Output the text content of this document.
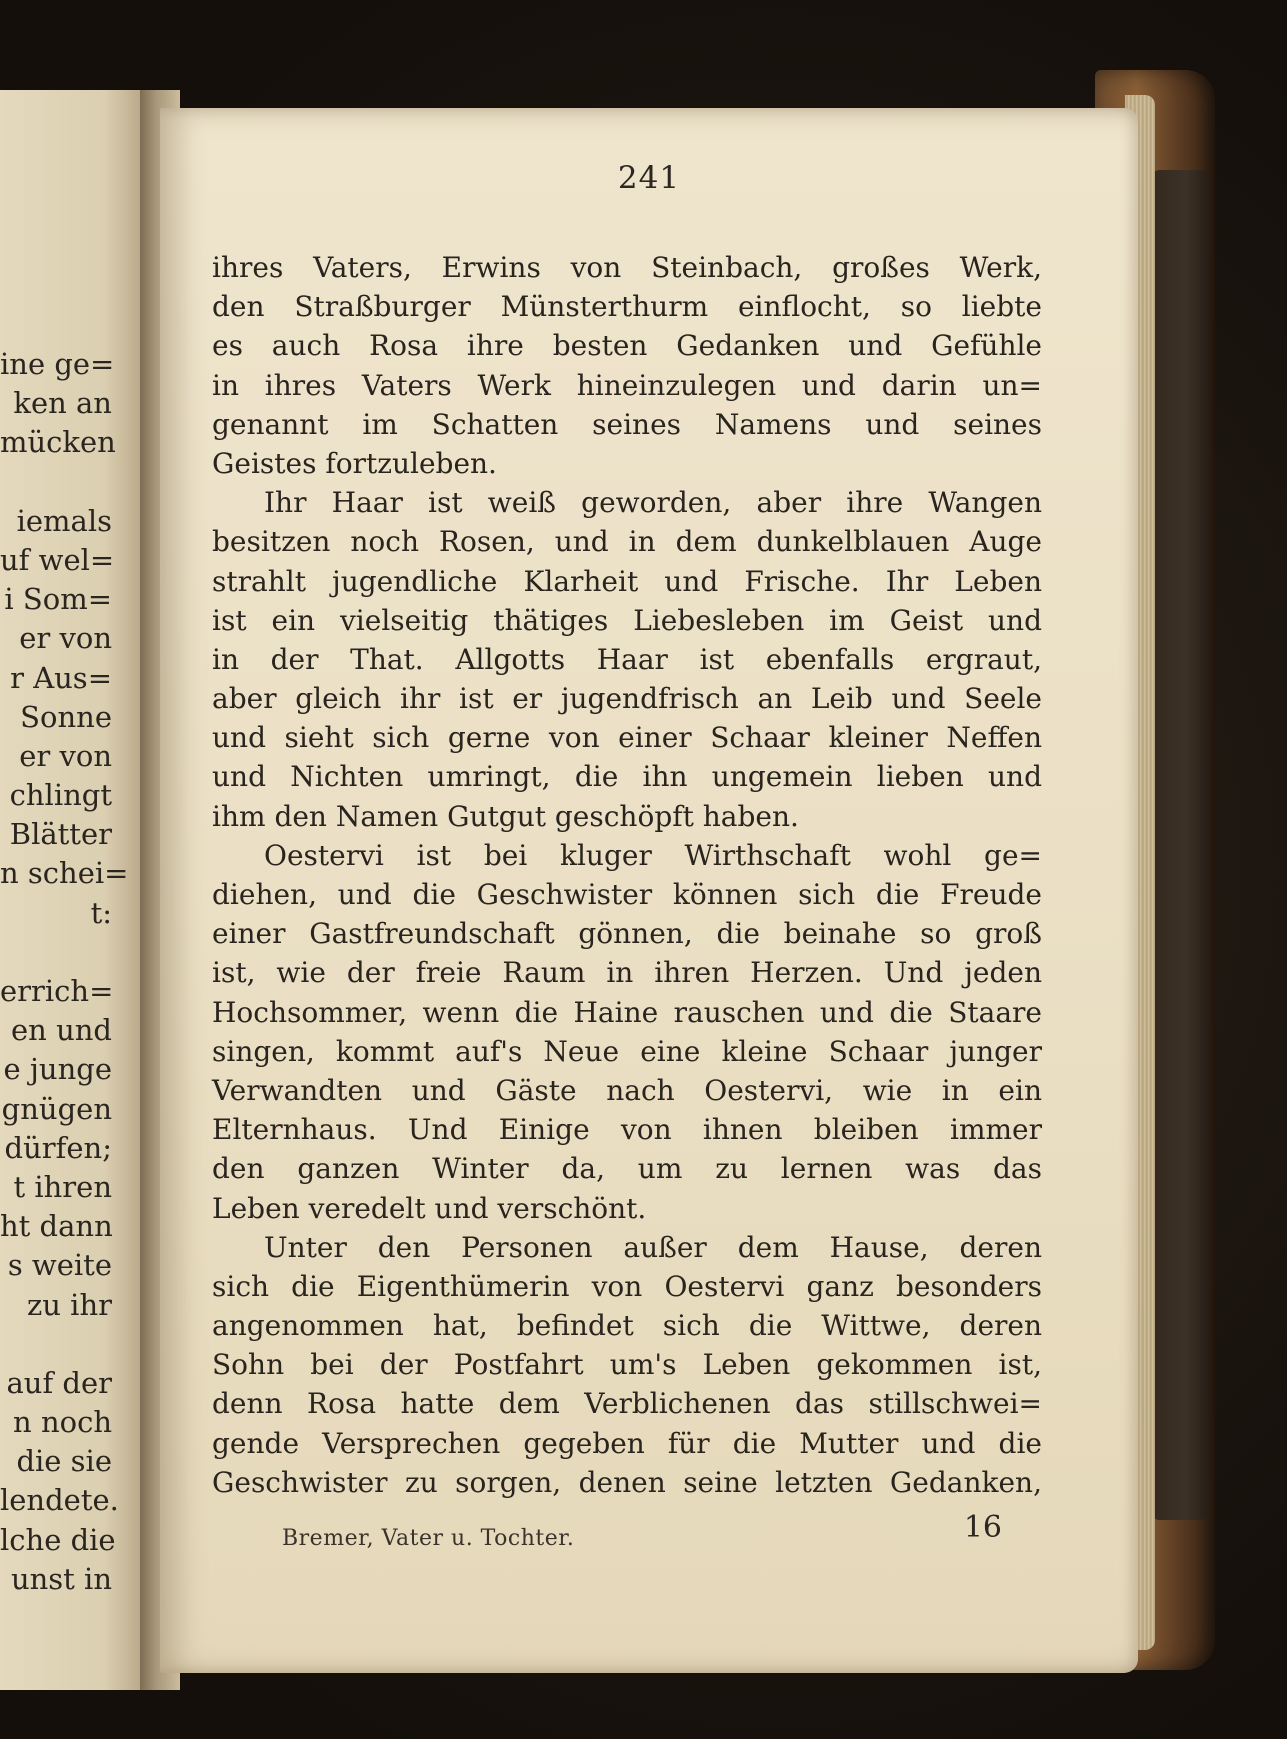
ine ge=
ken an
mücken
iemals
uf wel=
i Som=
er von
r Aus=
Sonne
er von
chlingt
Blätter
n schei=
t:
errich=
en und
e junge
gnügen
dürfen;
t ihren
ht dann
s weite
zu ihr
auf der
n noch
die sie
lendete.
lche die
unst in
241
ihres Vaters, Erwins von Steinbach, großes Werk,
den Straßburger Münsterthurm einflocht, so liebte
es auch Rosa ihre besten Gedanken und Gefühle
in ihres Vaters Werk hineinzulegen und darin un=
genannt im Schatten seines Namens und seines
Geistes fortzuleben.
Ihr Haar ist weiß geworden, aber ihre Wangen
besitzen noch Rosen, und in dem dunkelblauen Auge
strahlt jugendliche Klarheit und Frische. Ihr Leben
ist ein vielseitig thätiges Liebesleben im Geist und
in der That. Allgotts Haar ist ebenfalls ergraut,
aber gleich ihr ist er jugendfrisch an Leib und Seele
und sieht sich gerne von einer Schaar kleiner Neffen
und Nichten umringt, die ihn ungemein lieben und
ihm den Namen Gutgut geschöpft haben.
Oestervi ist bei kluger Wirthschaft wohl ge=
diehen, und die Geschwister können sich die Freude
einer Gastfreundschaft gönnen, die beinahe so groß
ist, wie der freie Raum in ihren Herzen. Und jeden
Hochsommer, wenn die Haine rauschen und die Staare
singen, kommt auf's Neue eine kleine Schaar junger
Verwandten und Gäste nach Oestervi, wie in ein
Elternhaus. Und Einige von ihnen bleiben immer
den ganzen Winter da, um zu lernen was das
Leben veredelt und verschönt.
Unter den Personen außer dem Hause, deren
sich die Eigenthümerin von Oestervi ganz besonders
angenommen hat, befindet sich die Wittwe, deren
Sohn bei der Postfahrt um's Leben gekommen ist,
denn Rosa hatte dem Verblichenen das stillschwei=
gende Versprechen gegeben für die Mutter und die
Geschwister zu sorgen, denen seine letzten Gedanken,
Bremer, Vater u. Tochter.	16
